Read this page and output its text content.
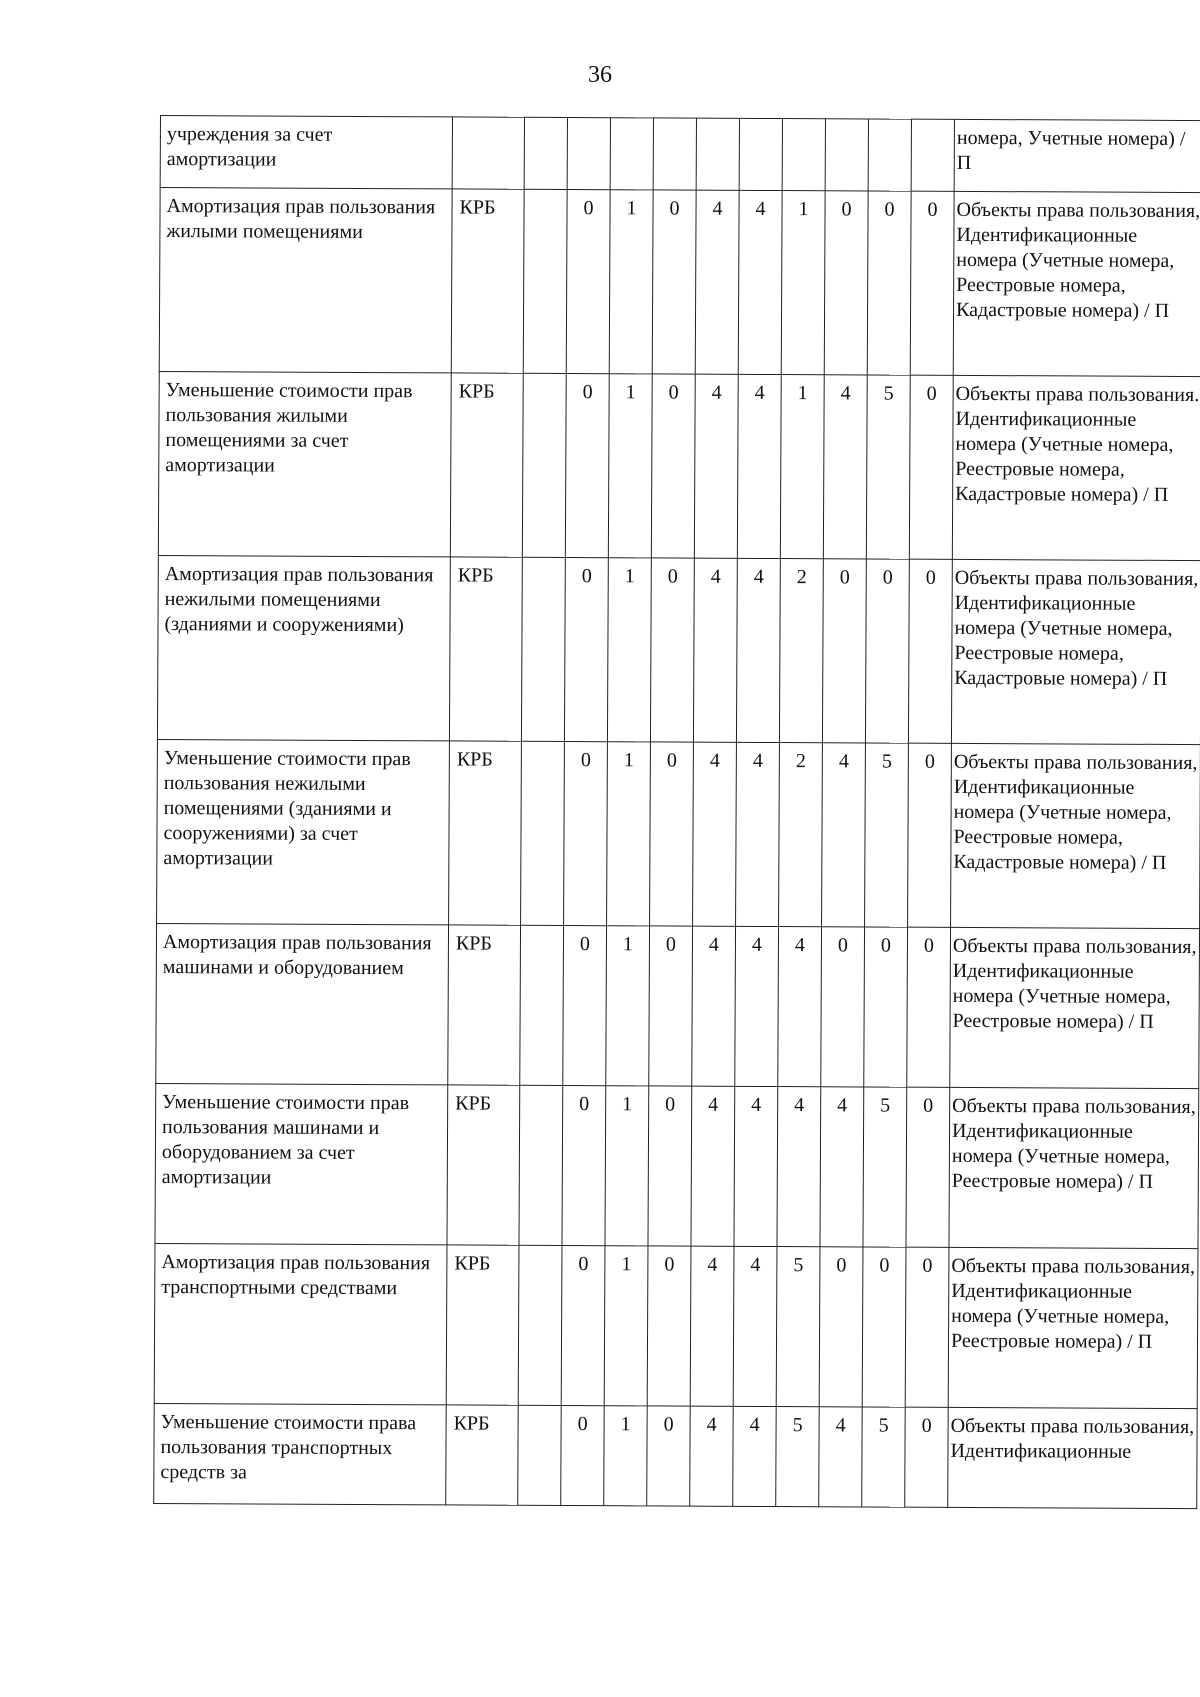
36
учреждения за счет амортизации												номера, Учетные номера) / П
Амортизация прав пользования жилыми помещениями	КРБ		0	1	0	4	4	1	0	0	0	Объекты права пользования, Идентификационные номера (Учетные номера, Реестровые номера, Кадастровые номера) / П
Уменьшение стоимости прав пользования жилыми помещениями за счет амортизации	КРБ		0	1	0	4	4	1	4	5	0	Объекты права пользования. Идентификационные номера (Учетные номера, Реестровые номера, Кадастровые номера) / П
Амортизация прав пользования нежилыми помещениями (зданиями и сооружениями)	КРБ		0	1	0	4	4	2	0	0	0	Объекты права пользования, Идентификационные номера (Учетные номера, Реестровые номера, Кадастровые номера) / П
Уменьшение стоимости прав пользования нежилыми помещениями (зданиями и сооружениями) за счет амортизации	КРБ		0	1	0	4	4	2	4	5	0	Объекты права пользования, Идентификационные номера (Учетные номера, Реестровые номера, Кадастровые номера) / П
Амортизация прав пользования машинами и оборудованием	КРБ		0	1	0	4	4	4	0	0	0	Объекты права пользования, Идентификационные номера (Учетные номера, Реестровые номера) / П
Уменьшение стоимости прав пользования машинами и оборудованием за счет амортизации	КРБ		0	1	0	4	4	4	4	5	0	Объекты права пользования, Идентификационные номера (Учетные номера, Реестровые номера) / П
Амортизация прав пользования транспортными средствами	КРБ		0	1	0	4	4	5	0	0	0	Объекты права пользования, Идентификационные номера (Учетные номера, Реестровые номера) / П
Уменьшение стоимости права пользования транспортных средств за	КРБ		0	1	0	4	4	5	4	5	0	Объекты права пользования, Идентификационные
